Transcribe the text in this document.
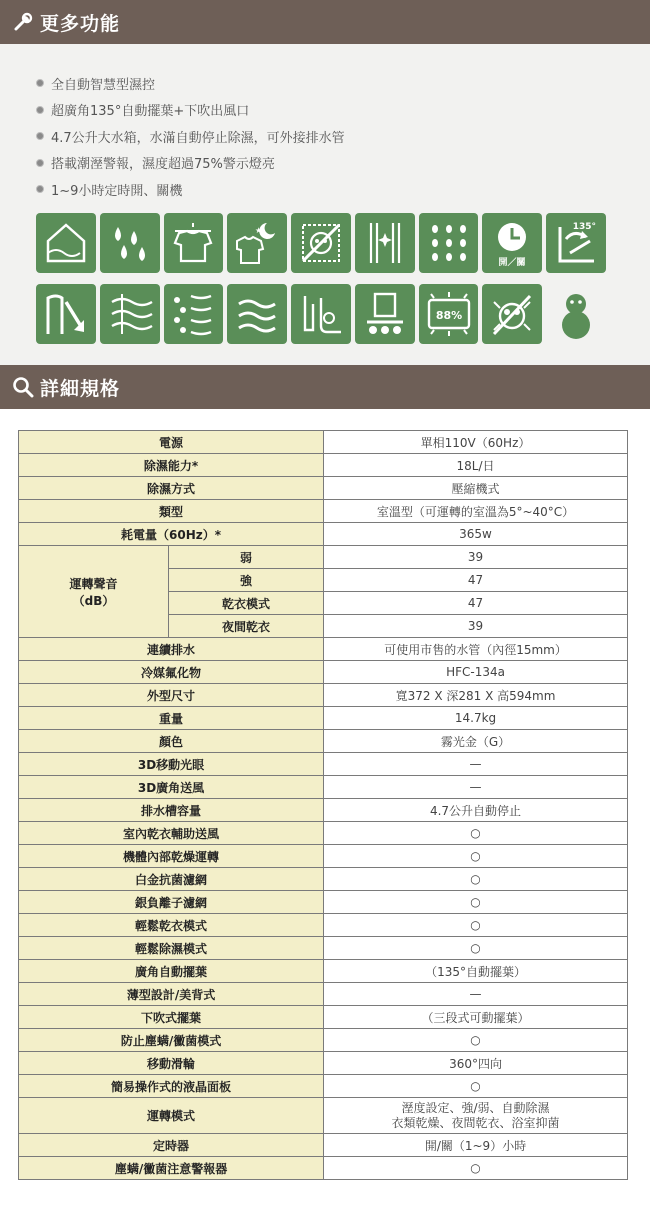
更多功能
全自動智慧型濕控
超廣角135°自動擺葉+下吹出風口
4.7公升大水箱，水滿自動停止除濕，可外接排水管
搭載潮溼警報，濕度超過75%警示燈亮
1~9小時定時開、關機
★
開／關
135°
88%
詳細規格
電源		單相110V（60Hz）
除濕能力*		18L/日
除濕方式		壓縮機式
類型		室溫型（可運轉的室溫為5°~40°C）
耗電量（60Hz）*		365w

運轉聲音
（dB）	弱	39
	強	47
	乾衣模式	47
	夜間乾衣	39
連續排水		可使用市售的水管（內徑15mm）
冷媒氟化物		HFC-134a
外型尺寸		寬372 X 深281 X 高594mm
重量		14.7kg
顏色		霧光金（G）
3D移動光眼		—
3D廣角送風		—
排水槽容量		4.7公升自動停止
室內乾衣輔助送風		○
機體內部乾燥運轉		○
白金抗菌濾網		○
銀負離子濾網		○
輕鬆乾衣模式		○
輕鬆除濕模式		○
廣角自動擺葉		（135°自動擺葉）
薄型設計/美背式		—
下吹式擺葉		（三段式可動擺葉）
防止塵螨/黴菌模式		○
移動滑輪		360°四向
簡易操作式的液晶面板		○
運轉模式		溼度設定、強/弱、自動除濕
衣類乾燥、夜間乾衣、浴室抑菌

定時器		開/關（1~9）小時
塵螨/黴菌注意警報器		○
